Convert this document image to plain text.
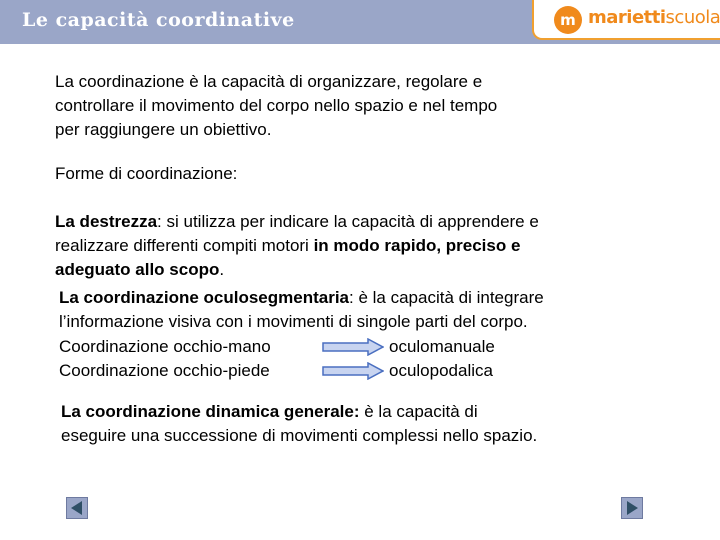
Le capacità coordinative	m mariettiscuola

La coordinazione è la capacità di organizzare, regolare e
controllare il movimento del corpo nello spazio e nel tempo
per raggiungere un obiettivo.

Forme di coordinazione:

La destrezza: si utilizza per indicare la capacità di apprendere e
realizzare differenti compiti motori in modo rapido, preciso e
adeguato allo scopo.

La coordinazione oculosegmentaria: è la capacità di integrare
l’informazione visiva con i movimenti di singole parti del corpo.

Coordinazione occhio-mano	oculomanuale
Coordinazione occhio-piede	oculopodalica

La coordinazione dinamica generale: è la capacità di
eseguire una successione di movimenti complessi nello spazio.
